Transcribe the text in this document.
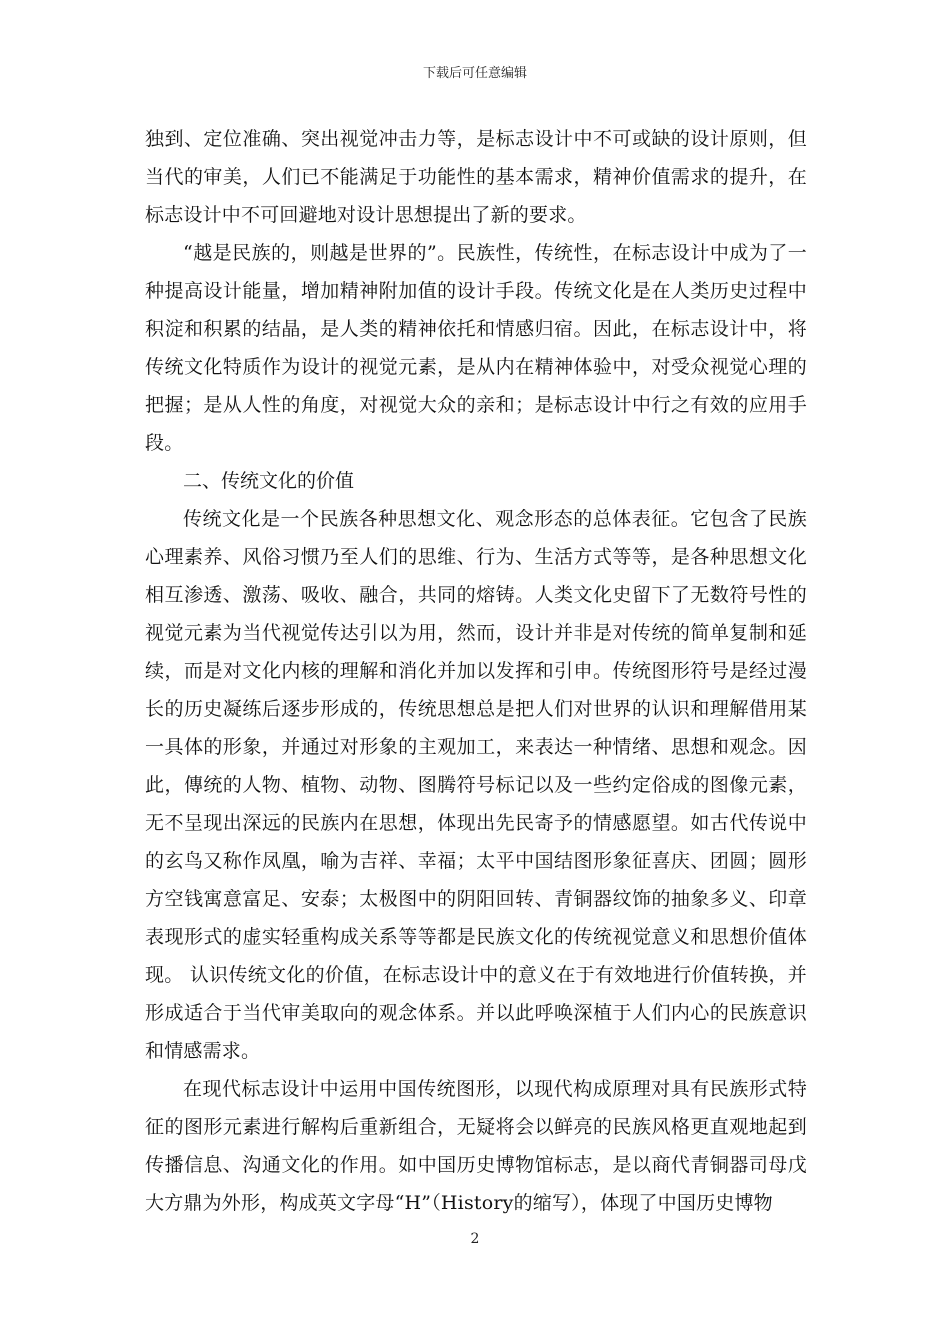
下载后可任意编辑

独到、定位准确、突出视觉冲击力等，是标志设计中不可或缺的设计原则，但当代的审美，人们已不能满足于功能性的基本需求，精神价值需求的提升，在标志设计中不可回避地对设计思想提出了新的要求。

“越是民族的，则越是世界的”。民族性，传统性，在标志设计中成为了一种提高设计能量，增加精神附加值的设计手段。传统文化是在人类历史过程中积淀和积累的结晶，是人类的精神依托和情感归宿。因此，在标志设计中，将传统文化特质作为设计的视觉元素，是从内在精神体验中，对受众视觉心理的把握；是从人性的角度，对视觉大众的亲和；是标志设计中行之有效的应用手段。

二、传统文化的价值

传统文化是一个民族各种思想文化、观念形态的总体表征。它包含了民族心理素养、风俗习惯乃至人们的思维、行为、生活方式等等，是各种思想文化相互渗透、激荡、吸收、融合，共同的熔铸。人类文化史留下了无数符号性的视觉元素为当代视觉传达引以为用，然而，设计并非是对传统的简单复制和延续，而是对文化内核的理解和消化并加以发挥和引申。传统图形符号是经过漫长的历史凝练后逐步形成的，传统思想总是把人们对世界的认识和理解借用某一具体的形象，并通过对形象的主观加工，来表达一种情绪、思想和观念。因此，傳统的人物、植物、动物、图腾符号标记以及一些约定俗成的图像元素，无不呈现出深远的民族内在思想，体现出先民寄予的情感愿望。如古代传说中的玄鸟又称作凤凰，喻为吉祥、幸福；太平中国结图形象征喜庆、团圆；圆形方空钱寓意富足、安泰；太极图中的阴阳回转、青铜器纹饰的抽象多义、印章表现形式的虚实轻重构成关系等等都是民族文化的传统视觉意义和思想价值体现。 认识传统文化的价值，在标志设计中的意义在于有效地进行价值转换，并形成适合于当代审美取向的观念体系。并以此呼唤深植于人们内心的民族意识和情感需求。

在现代标志设计中运用中国传统图形，以现代构成原理对具有民族形式特征的图形元素进行解构后重新组合，无疑将会以鲜亮的民族风格更直观地起到传播信息、沟通文化的作用。如中国历史博物馆标志，是以商代青铜器司母戊大方鼎为外形，构成英文字母“H”（History的缩写），体现了中国历史博物

2
